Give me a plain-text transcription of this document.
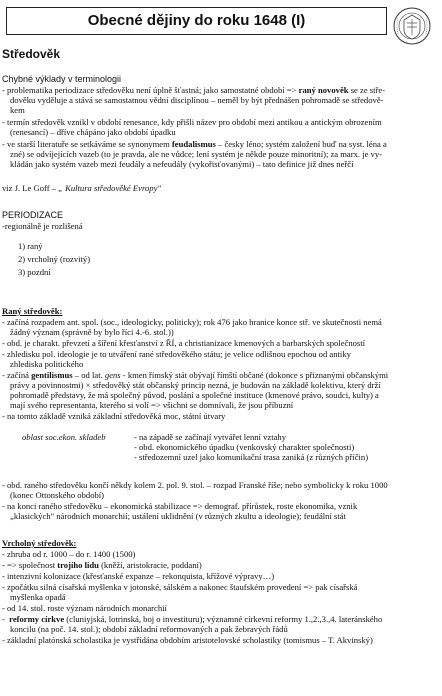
Obecné dějiny do roku 1648 (I)
Středověk
Chybné výklady v terminologii
- problematika periodizace středověku není úplně šťastná; jako samostatné období => raný novověk se ze stře-
dověku vyděluje a stává se samostatnou vědní disciplínou – neměl by být přednášen pohromadě se středově-
kem
- termín středověk vznikl v období renesance, kdy přišli název pro období mezi antikou a antickým obrozením
(renesancí) – dříve chápáno jako období úpadku
- ve starší literatuře se setkáváme se synonymem feudalismus – česky léno; systém založení buď na syst. léna a
zné) se odvíjejících vazeb (to je pravda, ale ne vůdce; lení systém je někde pouze minoritní); za marx. je vy-
kládán jako systém vazeb mezi feudály a nefeudály (vykořisťovanými) – tato definice již dnes neřčí
viz J. Le Goff – „ Kultura středověké Evropy"
PERIODIZACE
-regionálně je rozlišená
1) raný
2) vrcholný (rozvitý)
3) pozdní
Raný středověk:
- začíná rozpadem ant. spol. (soc., ideologicky, politicky); rok 476 jako hranice konce stř. ve skutečnosti nemá
žádný význam (správně by bylo říci 4.-6. stol.))
- obd. je charakt. převzetí a šíření křesťanství z ŘÍ, a christianizace kmenových a barbarských společností
- zhledisku pol. ideologie je to utváření rané středověkého státu; je velice odlišnou epochou od antiky
zhlediska politického
- začíná gentilismus – od lat. gens - kmen římský stát obývají římští občané (dokonce s přiznanými občanskými
právy a povinnostmi) × středověký stát občanský princip nezná, je budován na základě kolektivu, který drží
pohromadě představy, že má společný původ, poslání a společné instituce (kmenové právo, soudci, kulty) a
mají svého representanta, kterého si volí => všichni se domnívali, že jsou příbuzní
- na tomto základě vzniká základní středověká moc, státní útvary
oblast soc.ekon. skladeb	- na západě se začínají vytvářet lenní vztahy
- obd. ekonomického úpadku (venkovský charakter společnosti)
- středozemní uzel jako komunikační trasa zaniká (z různých příčin)
- obd. raného středověku končí někdy kolem 2. pol. 9. stol. – rozpad Franské říše; nebo symbolicky k roku 1000
(konec Ottonského období)
- na konci raného středověku – ekonomická stabilizace => demograf. přírůstek, roste ekonomika, vznik
„klasických" národních monarchií; ustálení uklidnění (v různých zkultu a ideologie); feudální stát
Vrcholný středověk:
- zhruba od r. 1000 – do r. 1400 (1500)
- => společnost trojího lidu (kněží, aristokracie, poddaní)
- intenzivní kolonizace (křesťanské expanze – rekonquista, křížové výpravy…)
- zpočátku silná císařská myšlenka v jotonské, sálském a nakonec štaufském provedení => pak císařská
myšlenka opadá
- od 14. stol. roste význam národních monarchií
-  reformy církve (cluniyjská, lotrinská, boj o investituru); významné církevní reformy 1.,2.,3.,4. lateránského
koncilu (na poč. 14. stol.); období základní reformovaných a pak žebravých řádů
- základní platónská scholastika je vystřídána obdobím aristotelovské scholastiky (tomismus – T. Akvinský)
